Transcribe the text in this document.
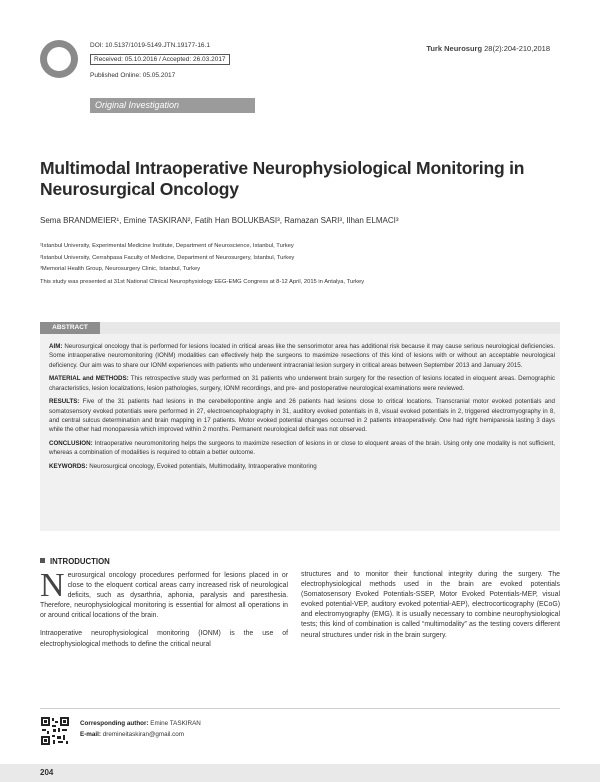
DOI: 10.5137/1019-5149.JTN.19177-16.1
Received: 05.10.2016 / Accepted: 26.03.2017
Published Online: 05.05.2017
Turk Neurosurg 28(2):204-210,2018
Original Investigation
Multimodal Intraoperative Neurophysiological Monitoring in Neurosurgical Oncology
Sema BRANDMEIER¹, Emine TASKIRAN², Fatih Han BOLUKBASI³, Ramazan SARI³, Ilhan ELMACI³
¹Istanbul University, Experimental Medicine Institute, Department of Neuroscience, Istanbul, Turkey
²Istanbul University, Cerrahpasa Faculty of Medicine, Department of Neurosurgery, Istanbul, Turkey
³Memorial Health Group, Neurosurgery Clinic, Istanbul, Turkey
This study was presented at 31st National Clinical Neurophysiology EEG-EMG Congress at 8-12 April, 2015 in Antalya, Turkey
ABSTRACT

AIM: Neurosurgical oncology that is performed for lesions located in critical areas like the sensorimotor area has additional risk because it may cause serious neurological deficiencies. Some intraoperative neuromonitoring (IONM) modalities can effectively help the surgeons to maximize resections of this kind of lesions with or without an acceptable neurological deficiency. Our aim was to share our IONM experiences with patients who underwent intracranial lesion surgery in critical areas between September 2013 and January 2015.

MATERIAL and METHODS: This retrospective study was performed on 31 patients who underwent brain surgery for the resection of lesions located in eloquent areas. Demographic characteristics, lesion localizations, lesion pathologies, surgery, IONM recordings, and pre- and postoperative neurological examinations were reviewed.

RESULTS: Five of the 31 patients had lesions in the cerebellopontine angle and 26 patients had lesions close to critical locations. Transcranial motor evoked potentials and somatosensory evoked potentials were performed in 27, electroencephalography in 31, auditory evoked potentials in 8, visual evoked potentials in 2, triggered electromyography in 8, and central sulcus determination and brain mapping in 17 patients. Motor evoked potential changes occurred in 2 patients intraoperatively. One had right hemiparesia lasting 3 days while the other had monoparesia which improved within 2 months. Permanent neurological deficit was not observed.

CONCLUSION: Intraoperative neuromonitoring helps the surgeons to maximize resection of lesions in or close to eloquent areas of the brain. Using only one modality is not sufficient, whereas a combination of modalities is required to obtain a better outcome.

KEYWORDS: Neurosurgical oncology, Evoked potentials, Multimodality, Intraoperative monitoring

INTRODUCTION

Neurosurgical oncology procedures performed for lesions placed in or close to the eloquent cortical areas carry increased risk of neurological deficits, such as dysarthria, aphonia, paralysis and paresthesia. Therefore, neurophysiological monitoring is essential for almost all operations in or around critical locations of the brain.

Intraoperative neurophysiological monitoring (IONM) is the use of electrophysiological methods to define the critical neural

structures and to monitor their functional integrity during the surgery. The electrophysiological methods used in the brain are evoked potentials (Somatosensory Evoked Potentials-SSEP, Motor Evoked Potentials-MEP, visual evoked potential-VEP, auditory evoked potential-AEP), electrocorticography (ECoG) and electromyography (EMG). It is usually necessary to combine neurophysiological tests; this kind of combination is called “multimodality” as the testing covers different neural structures under risk in the brain surgery.

Corresponding author: Emine TASKIRAN
E-mail: dremineitaskiran@gmail.com
204
